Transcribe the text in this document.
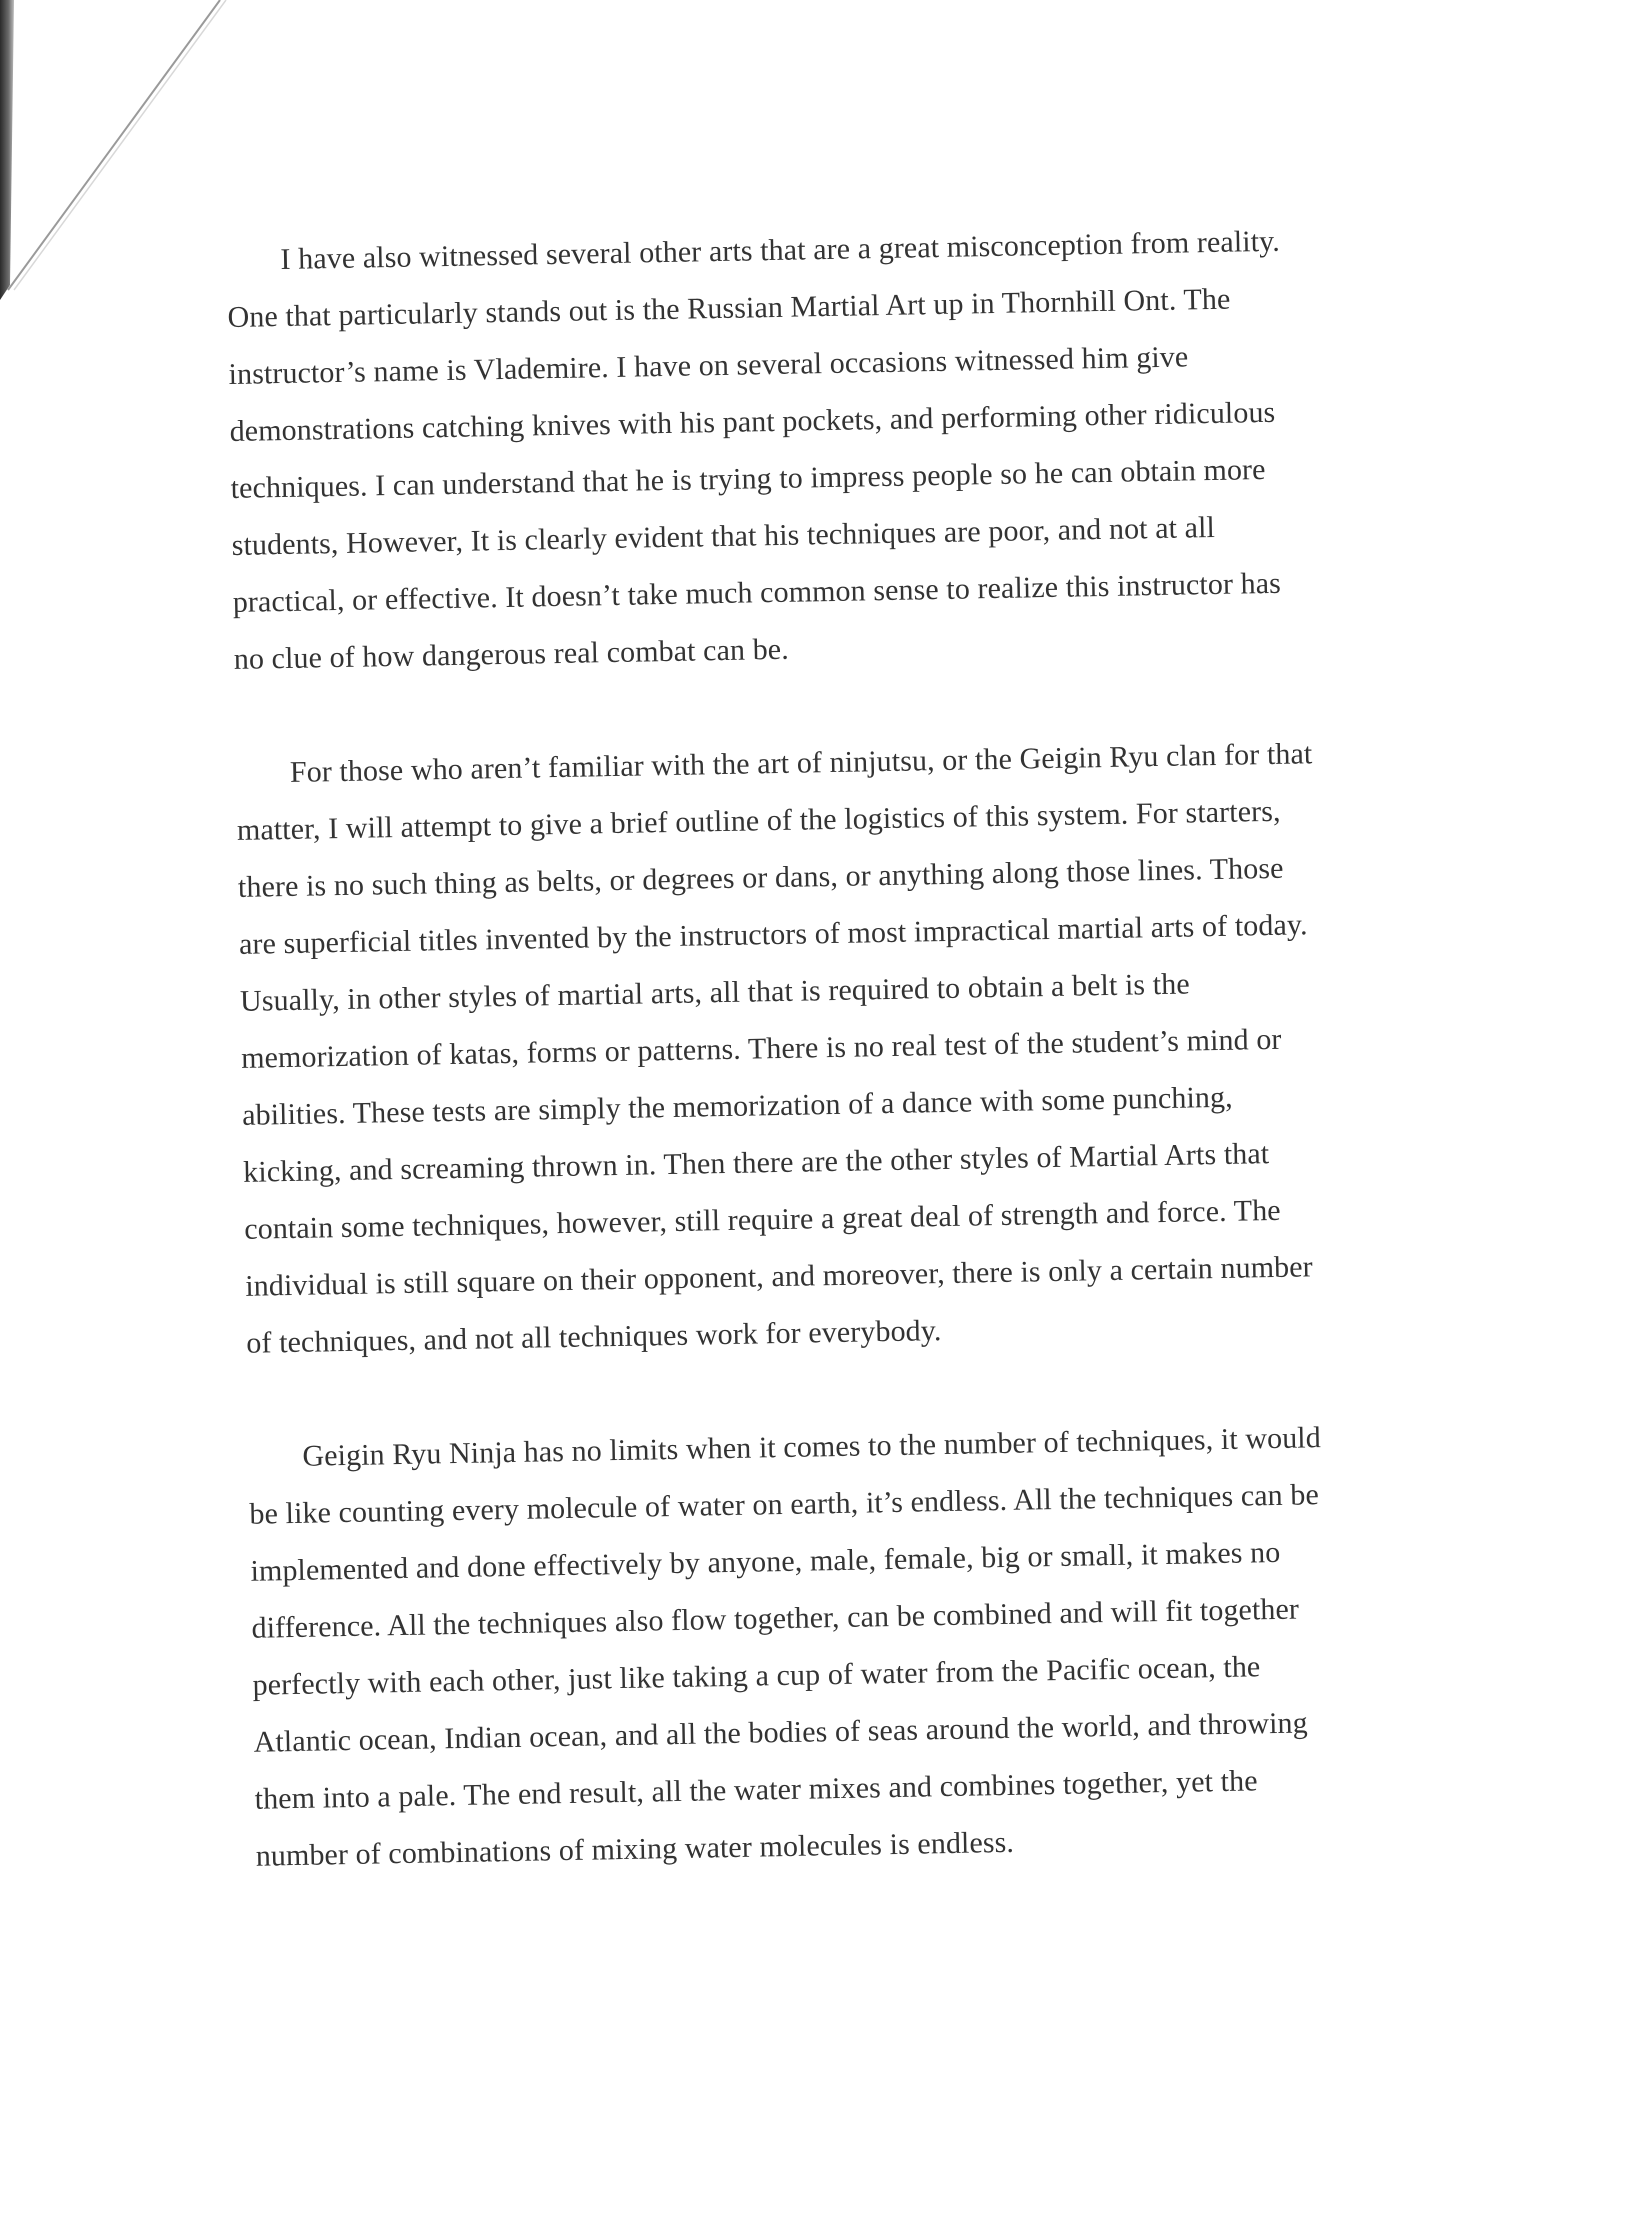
I have also witnessed several other arts that are a great misconception from reality.
One that particularly stands out is the Russian Martial Art up in Thornhill Ont. The
instructor’s name is Vlademire. I have on several occasions witnessed him give
demonstrations catching knives with his pant pockets, and performing other ridiculous
techniques. I can understand that he is trying to impress people so he can obtain more
students, However, It is clearly evident that his techniques are poor, and not at all
practical, or effective. It doesn’t take much common sense to realize this instructor has
no clue of how dangerous real combat can be.
For those who aren’t familiar with the art of ninjutsu, or the Geigin Ryu clan for that
matter, I will attempt to give a brief outline of the logistics of this system. For starters,
there is no such thing as belts, or degrees or dans, or anything along those lines. Those
are superficial titles invented by the instructors of most impractical martial arts of today.
Usually, in other styles of martial arts, all that is required to obtain a belt is the
memorization of katas, forms or patterns. There is no real test of the student’s mind or
abilities. These tests are simply the memorization of a dance with some punching,
kicking, and screaming thrown in. Then there are the other styles of Martial Arts that
contain some techniques, however, still require a great deal of strength and force. The
individual is still square on their opponent, and moreover, there is only a certain number
of techniques, and not all techniques work for everybody.
Geigin Ryu Ninja has no limits when it comes to the number of techniques, it would
be like counting every molecule of water on earth, it’s endless. All the techniques can be
implemented and done effectively by anyone, male, female, big or small, it makes no
difference. All the techniques also flow together, can be combined and will fit together
perfectly with each other, just like taking a cup of water from the Pacific ocean, the
Atlantic ocean, Indian ocean, and all the bodies of seas around the world, and throwing
them into a pale. The end result, all the water mixes and combines together, yet the
number of combinations of mixing water molecules is endless.
